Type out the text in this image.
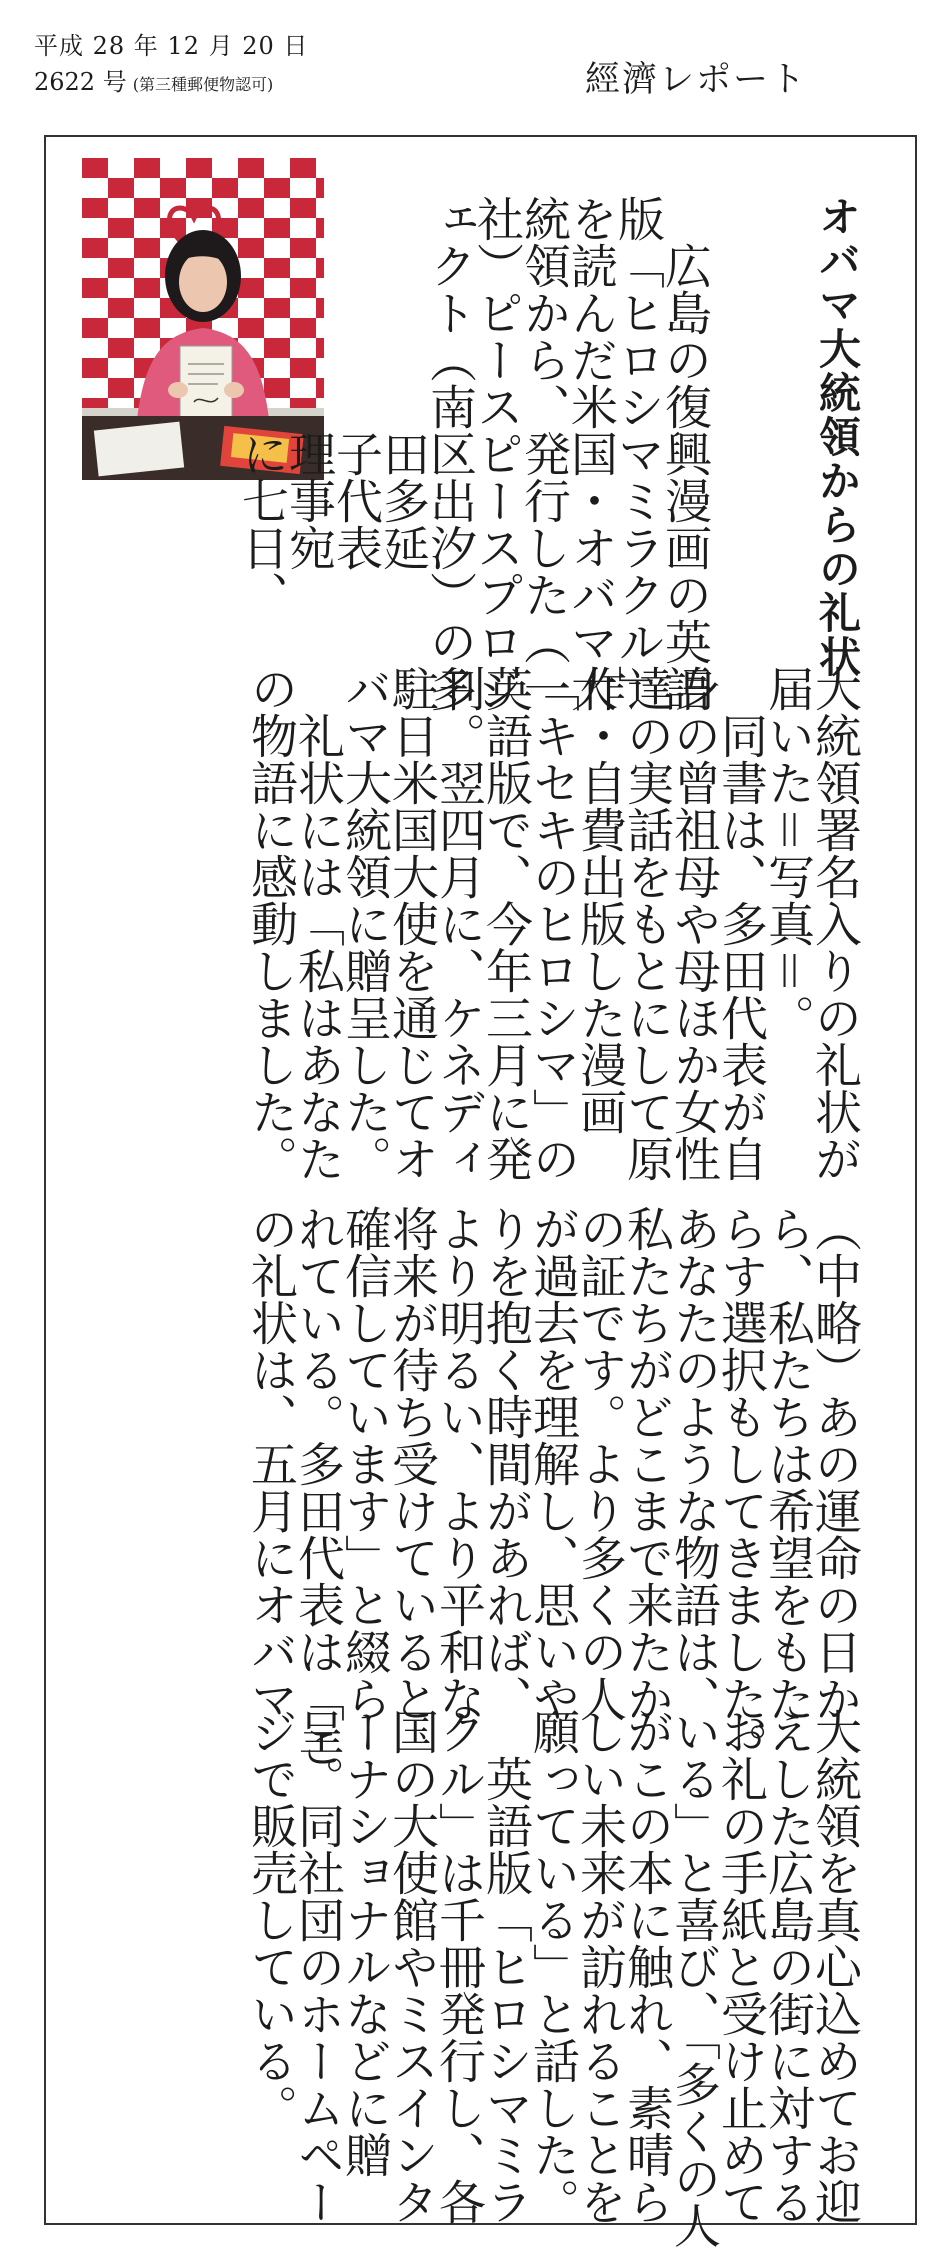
平成 28 年 12 月 20 日
2622 号 (第三種郵便物認可)	經濟レポート
オバマ大統領からの礼状
　広島の復興漫画の英語
版「ヒロシマミラクル」
を読んだ米国・オバマ大
統領から、発行した（一
社）ピースピースプロジ
ェクト（南区出汐）の多
　　　　　田多延
　　　　　子代表
　　　　　理事宛
　　　　　に七日、
大統領署名入りの礼状が
届いた＝写真＝。
　同書は、多田代表が自
身の曾祖母や母ほか女性
達の実話をもとにして原
作・自費出版した漫画
「キセキのヒロシマ」の
英語版で、今年三月に発
刊。翌四月に、ケネディ
駐日米国大使を通じてオ
バマ大統領に贈呈した。
　礼状には「私はあなた
の物語に感動しました。
（中略）あの運命の日か
ら、私たちは希望をもた
らす選択もしてきました。
あなたのような物語は、
私たちがどこまで来たか
の証です。より多くの人
が過去を理解し、思いや
りを抱く時間があれば、
より明るい、より平和な
将来が待ち受けていると
確信しています」と綴ら
れている。多田代表は「こ
の礼状は、五月にオバマ
大統領を真心込めてお迎
えした広島の街に対する
お礼の手紙と受け止めて
いる」と喜び、「多くの人
がこの本に触れ、素晴ら
しい未来が訪れることを
願っている」と話した。
　英語版「ヒロシマミラ
クル」は千冊発行し、各
国の大使館やミスインタ
ーナショナルなどに贈
呈。同社団のホームペー
ジで販売している。
